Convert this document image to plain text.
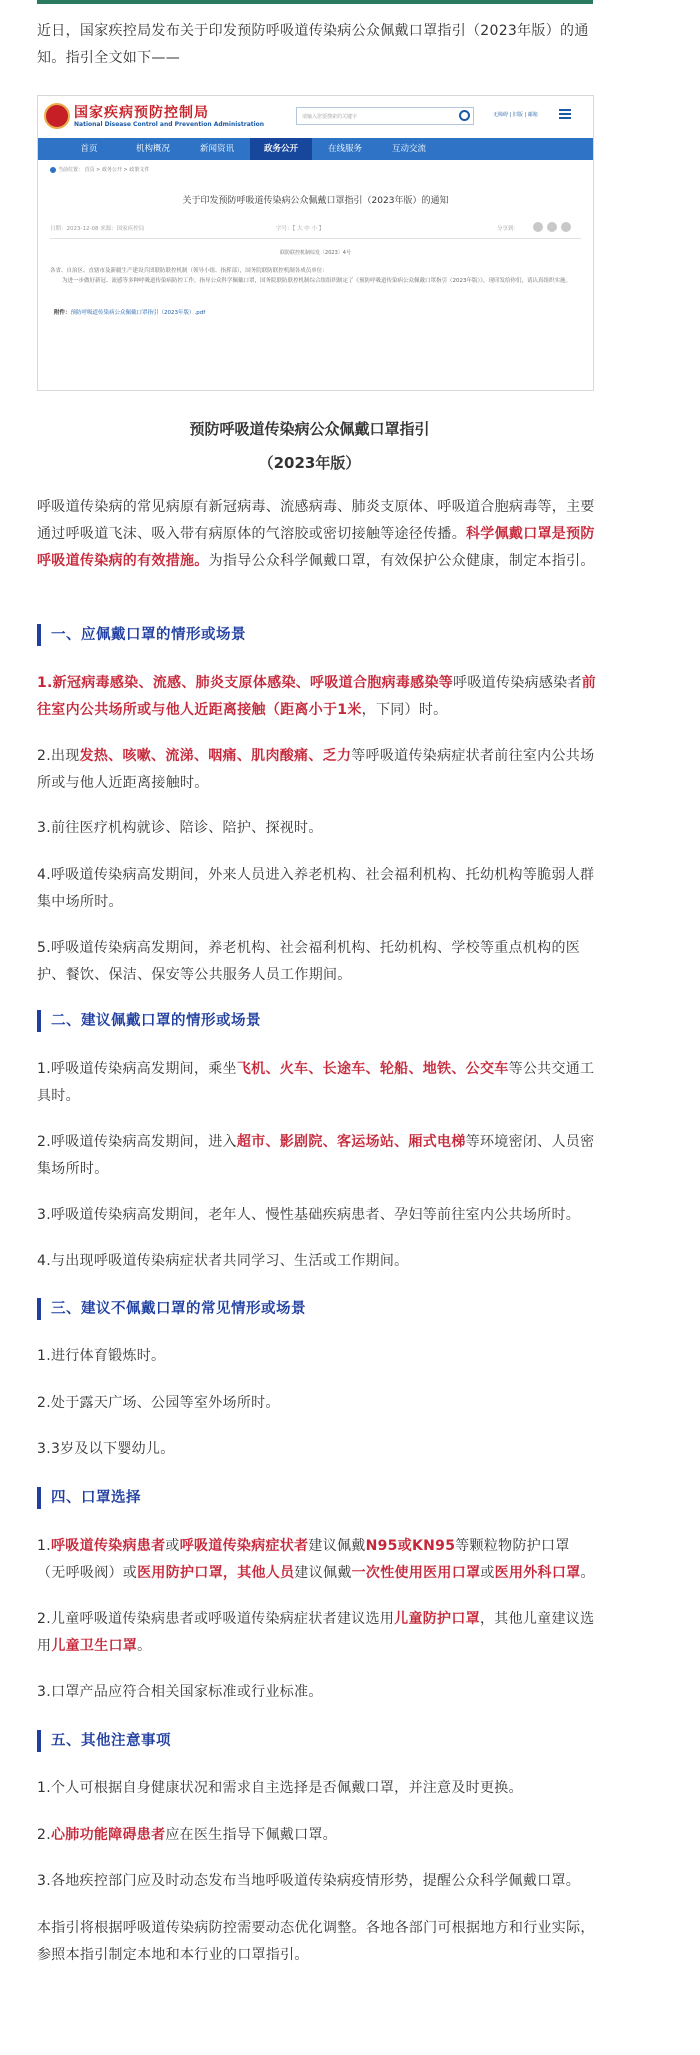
近日，国家疾控局发布关于印发预防呼吸道传染病公众佩戴口罩指引（2023年版）的通知。指引全文如下——
国家疾病预防控制局
National Disease Control and Prevention Administration
请输入您要搜索的关键字	无障碍 | 旧版 | 邮箱
首页	机构概况	新闻资讯	政务公开	在线服务	互动交流
当前位置： 首页 > 政务公开 > 政策文件
关于印发预防呼吸道传染病公众佩戴口罩指引（2023年版）的通知
日期：2023-12-08 来源：国家疾控局	字号：【 大 中 小 】	分享到：
联防联控机制综发〔2023〕4号
各省、自治区、直辖市及新疆生产建设兵团联防联控机制（领导小组、指挥部），国务院联防联控机制各成员单位：
为进一步做好新冠、流感等多种呼吸道传染病防控工作，指导公众科学佩戴口罩，国务院联防联控机制综合组组织制定了《预防呼吸道传染病公众佩戴口罩指引（2023年版）》，现印发给你们，请认真组织实施。
附件：预防呼吸道传染病公众佩戴口罩指引（2023年版）.pdf
预防呼吸道传染病公众佩戴口罩指引
（2023年版）
呼吸道传染病的常见病原有新冠病毒、流感病毒、肺炎支原体、呼吸道合胞病毒等，主要通过呼吸道飞沫、吸入带有病原体的气溶胶或密切接触等途径传播。科学佩戴口罩是预防呼吸道传染病的有效措施。为指导公众科学佩戴口罩，有效保护公众健康，制定本指引。
一、应佩戴口罩的情形或场景
1.新冠病毒感染、流感、肺炎支原体感染、呼吸道合胞病毒感染等呼吸道传染病感染者前往室内公共场所或与他人近距离接触（距离小于1米，下同）时。
2.出现发热、咳嗽、流涕、咽痛、肌肉酸痛、乏力等呼吸道传染病症状者前往室内公共场所或与他人近距离接触时。
3.前往医疗机构就诊、陪诊、陪护、探视时。
4.呼吸道传染病高发期间，外来人员进入养老机构、社会福利机构、托幼机构等脆弱人群集中场所时。
5.呼吸道传染病高发期间，养老机构、社会福利机构、托幼机构、学校等重点机构的医护、餐饮、保洁、保安等公共服务人员工作期间。
二、建议佩戴口罩的情形或场景
1.呼吸道传染病高发期间，乘坐飞机、火车、长途车、轮船、地铁、公交车等公共交通工具时。
2.呼吸道传染病高发期间，进入超市、影剧院、客运场站、厢式电梯等环境密闭、人员密集场所时。
3.呼吸道传染病高发期间，老年人、慢性基础疾病患者、孕妇等前往室内公共场所时。
4.与出现呼吸道传染病症状者共同学习、生活或工作期间。
三、建议不佩戴口罩的常见情形或场景
1.进行体育锻炼时。
2.处于露天广场、公园等室外场所时。
3.3岁及以下婴幼儿。
四、口罩选择
1.呼吸道传染病患者或呼吸道传染病症状者建议佩戴N95或KN95等颗粒物防护口罩（无呼吸阀）或医用防护口罩，其他人员建议佩戴一次性使用医用口罩或医用外科口罩。
2.儿童呼吸道传染病患者或呼吸道传染病症状者建议选用儿童防护口罩，其他儿童建议选用儿童卫生口罩。
3.口罩产品应符合相关国家标准或行业标准。
五、其他注意事项
1.个人可根据自身健康状况和需求自主选择是否佩戴口罩，并注意及时更换。
2.心肺功能障碍患者应在医生指导下佩戴口罩。
3.各地疾控部门应及时动态发布当地呼吸道传染病疫情形势，提醒公众科学佩戴口罩。
本指引将根据呼吸道传染病防控需要动态优化调整。各地各部门可根据地方和行业实际，参照本指引制定本地和本行业的口罩指引。
